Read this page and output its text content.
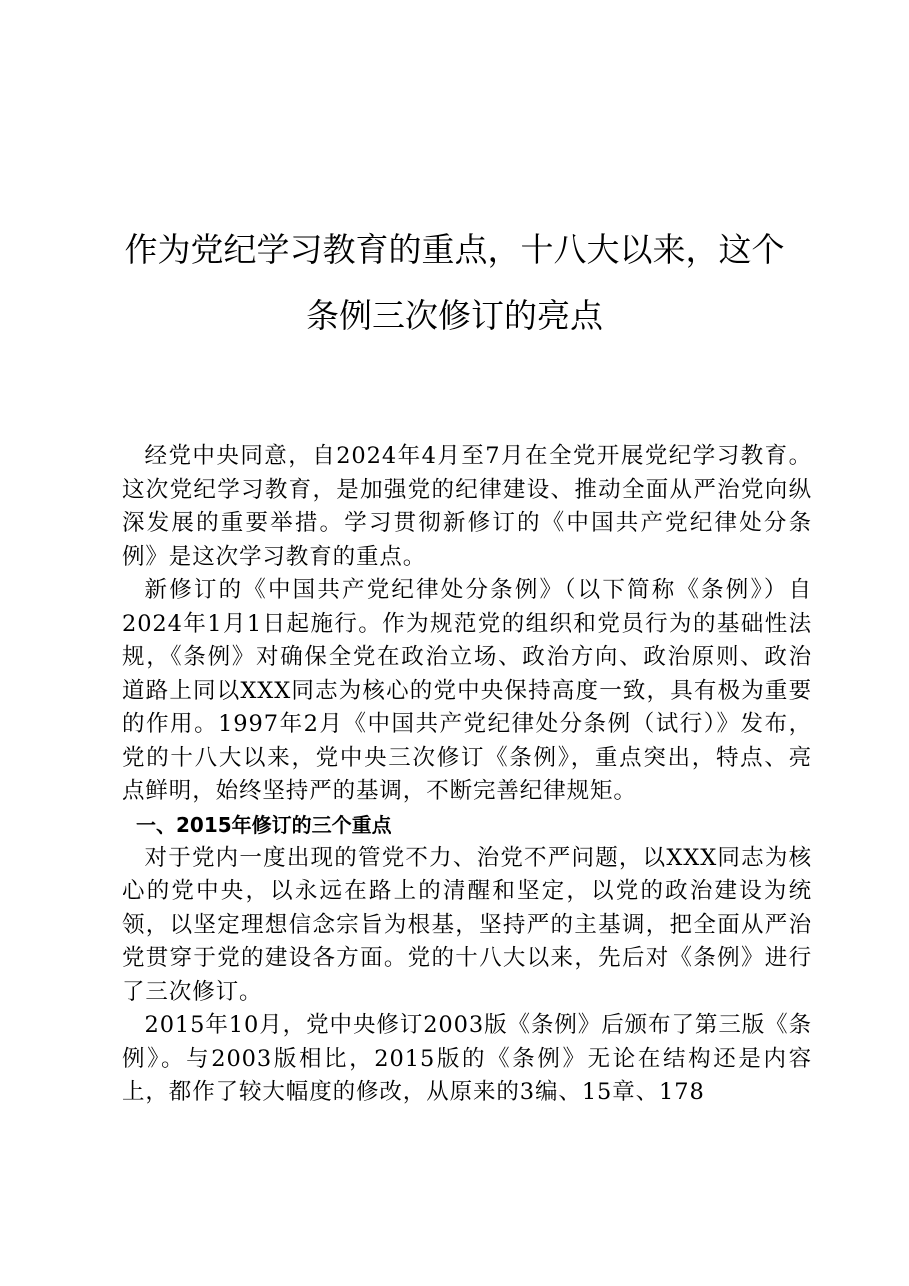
作为党纪学习教育的重点，十八大以来，这个
条例三次修订的亮点

经党中央同意，自2024年4月至7月在全党开展党纪学习教育。这次党纪学习教育，是加强党的纪律建设、推动全面从严治党向纵深发展的重要举措。学习贯彻新修订的《中国共产党纪律处分条例》是这次学习教育的重点。

新修订的《中国共产党纪律处分条例》（以下简称《条例》）自2024年1月1日起施行。作为规范党的组织和党员行为的基础性法规，《条例》对确保全党在政治立场、政治方向、政治原则、政治道路上同以XXX同志为核心的党中央保持高度一致，具有极为重要的作用。1997年2月《中国共产党纪律处分条例（试行）》发布，党的十八大以来，党中央三次修订《条例》，重点突出，特点、亮点鲜明，始终坚持严的基调，不断完善纪律规矩。

一、2015年修订的三个重点

对于党内一度出现的管党不力、治党不严问题，以XXX同志为核心的党中央，以永远在路上的清醒和坚定，以党的政治建设为统领，以坚定理想信念宗旨为根基，坚持严的主基调，把全面从严治党贯穿于党的建设各方面。党的十八大以来，先后对《条例》进行了三次修订。

2015年10月，党中央修订2003版《条例》后颁布了第三版《条例》。与2003版相比，2015版的《条例》无论在结构还是内容上，都作了较大幅度的修改，从原来的3编、15章、178
